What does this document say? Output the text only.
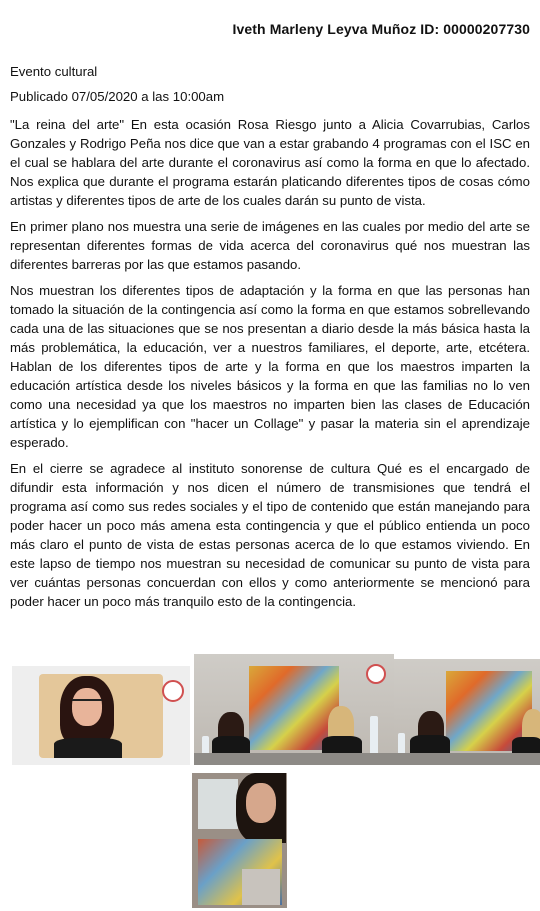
Iveth Marleny Leyva Muñoz ID: 00000207730
Evento cultural
Publicado 07/05/2020 a las 10:00am

"La reina del arte" En esta ocasión Rosa Riesgo junto a Alicia Covarrubias, Carlos Gonzales y Rodrigo Peña nos dice que van a estar grabando 4 programas con el ISC en el cual se hablara del arte durante el coronavirus así como la forma en que lo afectado. Nos explica que durante el programa estarán platicando diferentes tipos de cosas cómo artistas y diferentes tipos de arte de los cuales darán su punto de vista.

En primer plano nos muestra una serie de imágenes en las cuales por medio del arte se representan diferentes formas de vida acerca del coronavirus qué nos muestran las diferentes barreras por las que estamos pasando.

Nos muestran los diferentes tipos de adaptación y la forma en que las personas han tomado la situación de la contingencia así como la forma en que estamos sobrellevando cada una de las situaciones que se nos presentan a diario desde la más básica hasta la más problemática, la educación, ver a nuestros familiares, el deporte, arte, etcétera. Hablan de los diferentes tipos de arte y la forma en que los maestros imparten la educación artística desde los niveles básicos y la forma en que las familias no lo ven como una necesidad ya que los maestros no imparten bien las clases de Educación artística y lo ejemplifican con "hacer un Collage" y pasar la materia sin el aprendizaje esperado.

En el cierre se agradece al instituto sonorense de cultura Qué es el encargado de difundir esta información y nos dicen el número de transmisiones que tendrá el programa así como sus redes sociales y el tipo de contenido que están manejando para poder hacer un poco más amena esta contingencia y que el público entienda un poco más claro el punto de vista de estas personas acerca de lo que estamos viviendo. En este lapso de tiempo nos muestran su necesidad de comunicar su punto de vista para ver cuántas personas concuerdan con ellos y como anteriormente se mencionó para poder hacer un poco más tranquilo esto de la contingencia.
